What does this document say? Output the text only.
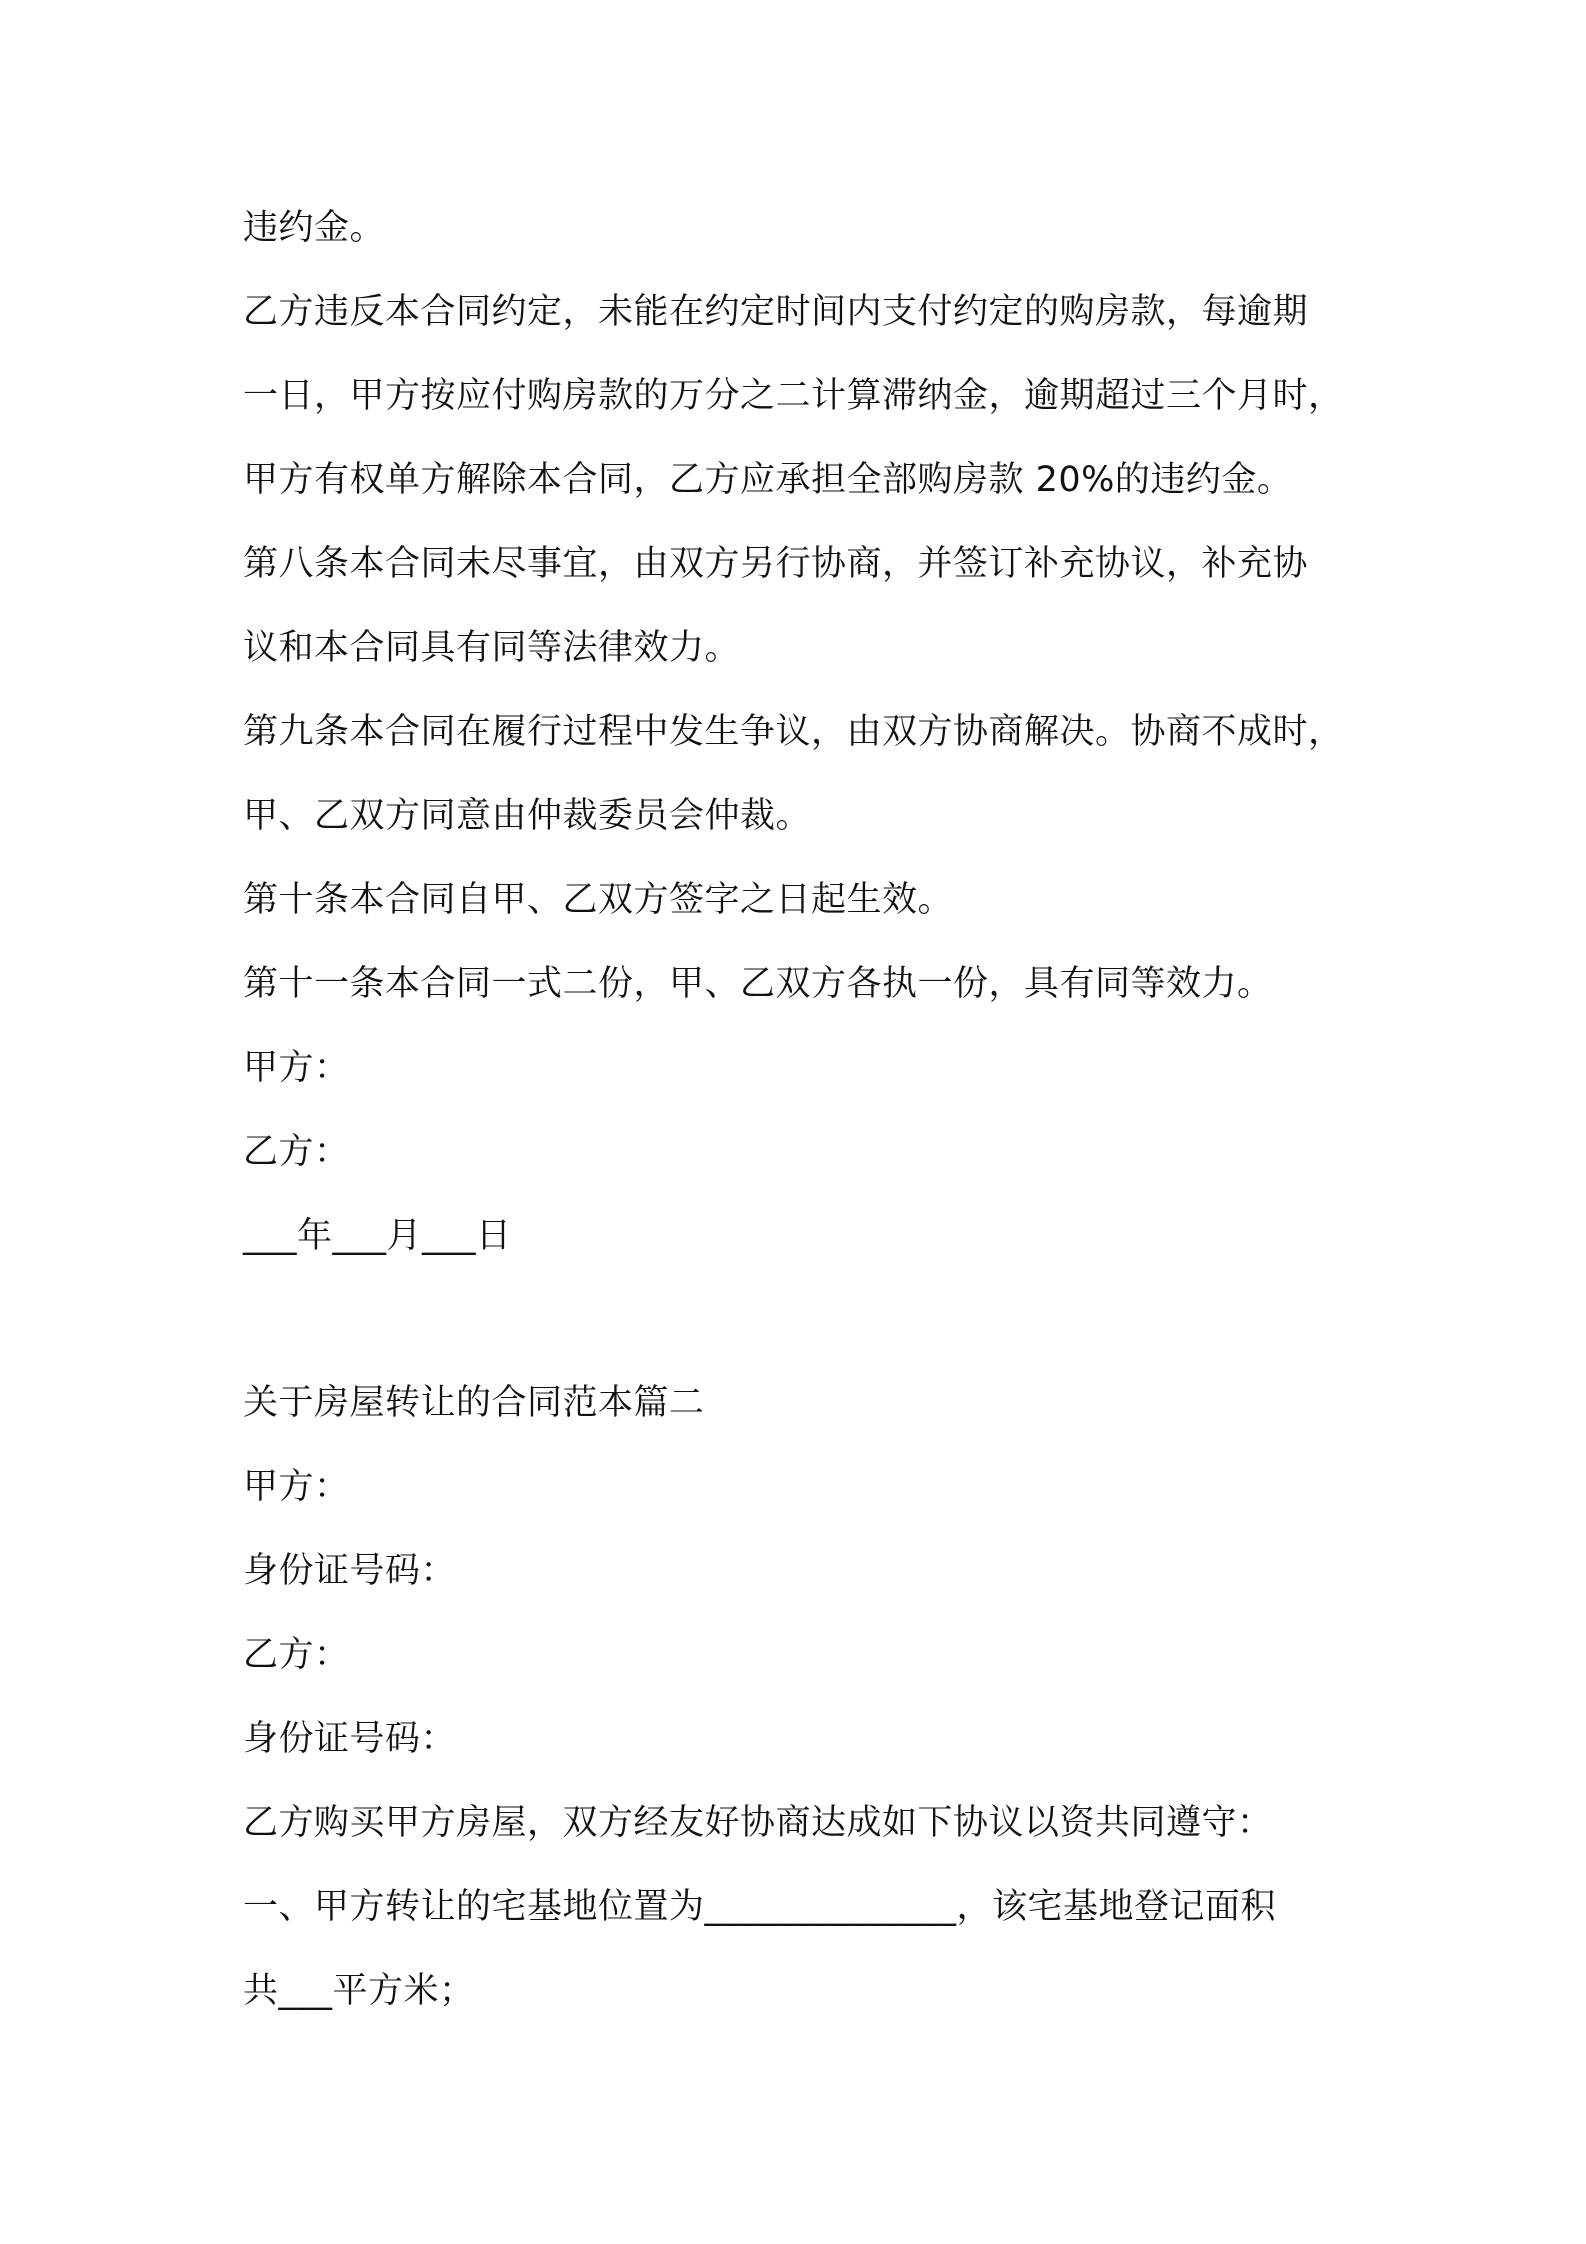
违约金。
乙方违反本合同约定，未能在约定时间内支付约定的购房款，每逾期
一日，甲方按应付购房款的万分之二计算滞纳金，逾期超过三个月时，
甲方有权单方解除本合同，乙方应承担全部购房款 20%的违约金。
第八条本合同未尽事宜，由双方另行协商，并签订补充协议，补充协
议和本合同具有同等法律效力。
第九条本合同在履行过程中发生争议，由双方协商解决。协商不成时，
甲、乙双方同意由仲裁委员会仲裁。
第十条本合同自甲、乙双方签字之日起生效。
第十一条本合同一式二份，甲、乙双方各执一份，具有同等效力。
甲方：
乙方：
___年___月___日
关于房屋转让的合同范本篇二
甲方：
身份证号码：
乙方：
身份证号码：
乙方购买甲方房屋，双方经友好协商达成如下协议以资共同遵守：
一、甲方转让的宅基地位置为______________，该宅基地登记面积
共___平方米；
